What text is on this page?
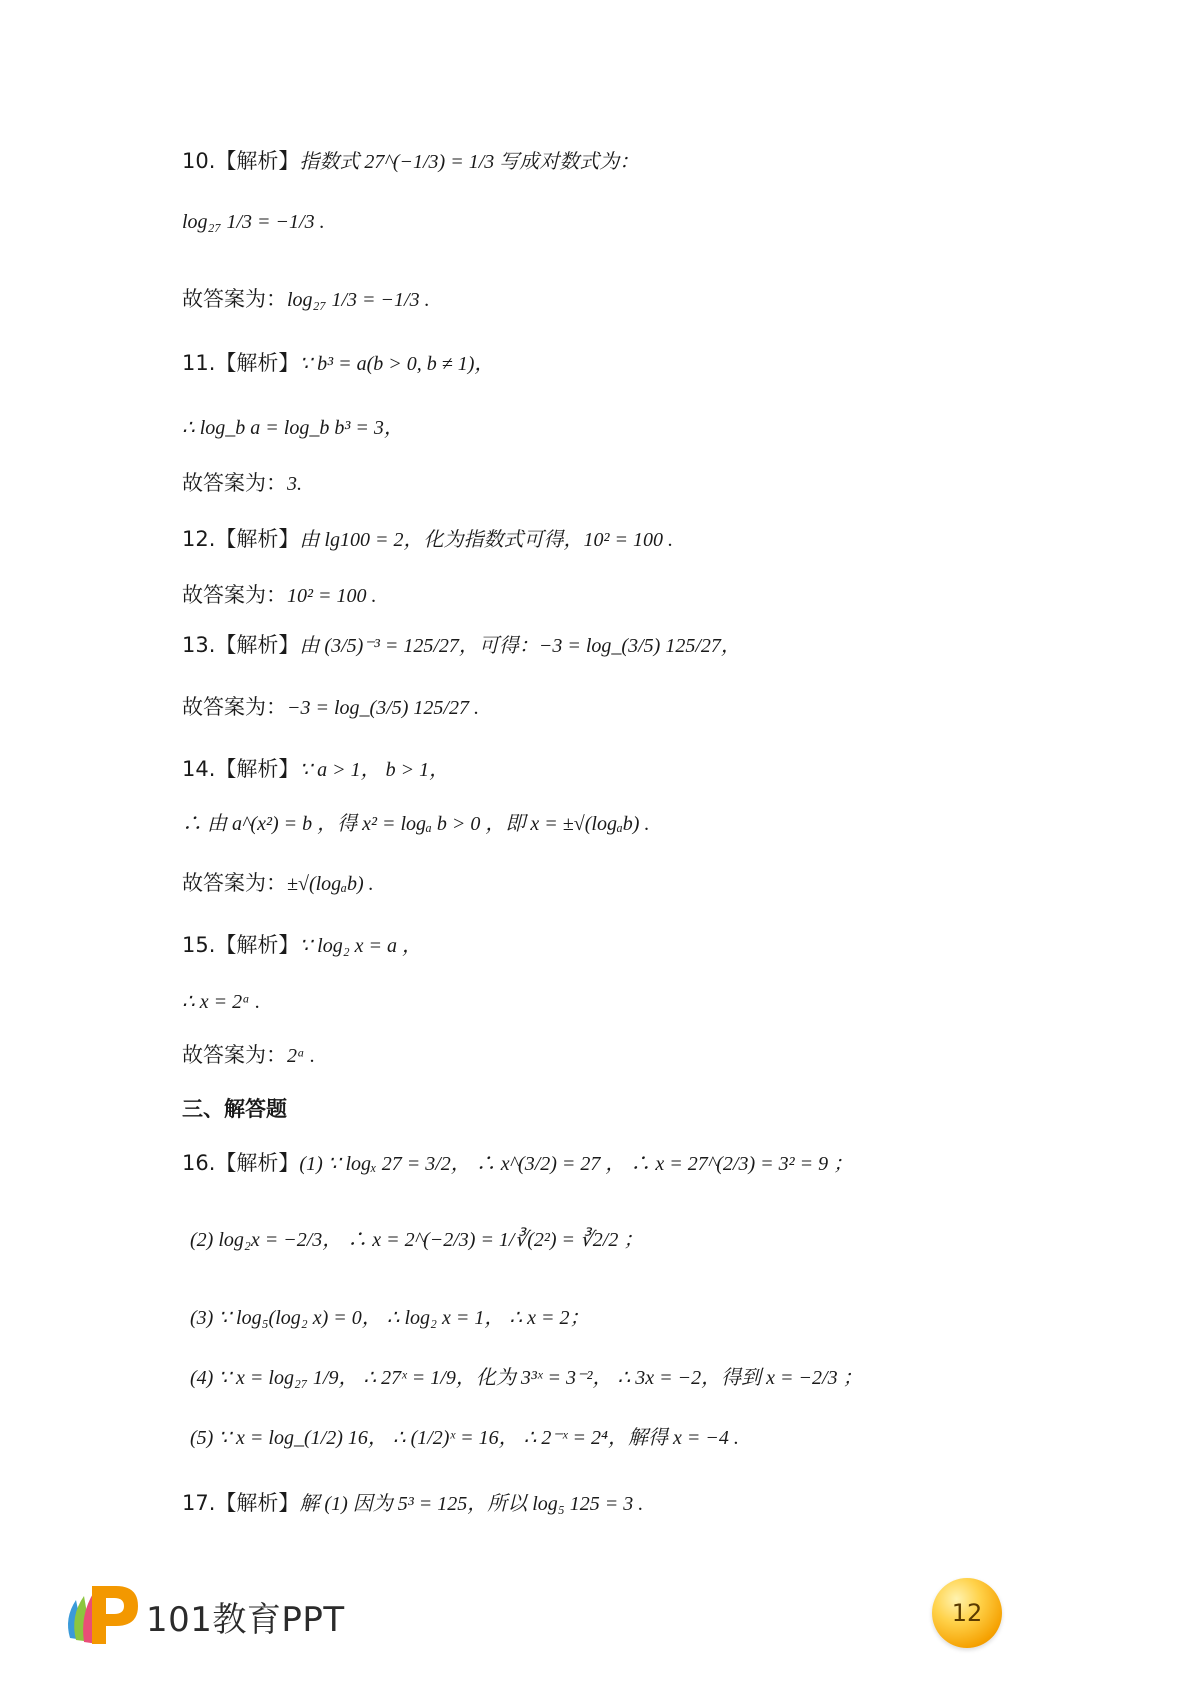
10.【解析】指数式 27^(−1/3) = 1/3 写成对数式为：
log₂₇ 1/3 = −1/3 .
故答案为：log₂₇ 1/3 = −1/3 .
11.【解析】∵ b³ = a(b > 0, b ≠ 1)，
∴ log_b a = log_b b³ = 3，
故答案为：3.
12.【解析】由 lg100 = 2，化为指数式可得，10² = 100 .
故答案为：10² = 100 .
13.【解析】由 (3/5)⁻³ = 125/27，可得：−3 = log_(3/5) 125/27，
故答案为：−3 = log_(3/5) 125/27 .
14.【解析】∵ a > 1， b > 1，
∴ 由 a^(x²) = b ，得 x² = logₐ b > 0 ，即 x = ±√(logₐb) .
故答案为：±√(logₐb) .
15.【解析】∵ log₂ x = a ，
∴ x = 2ᵃ .
故答案为：2ᵃ .
三、解答题
16.【解析】(1) ∵ logₓ 27 = 3/2， ∴ x^(3/2) = 27 ， ∴ x = 27^(2/3) = 3² = 9 ；
(2) log₂x = −2/3， ∴ x = 2^(−2/3) = 1/∛(2²) = ∛2/2 ；
(3) ∵ log₅(log₂ x) = 0， ∴ log₂ x = 1， ∴ x = 2；
(4) ∵ x = log₂₇ 1/9， ∴ 27ˣ = 1/9，化为 3³ˣ = 3⁻²， ∴ 3x = −2，得到 x = −2/3 ；
(5) ∵ x = log_(1/2) 16， ∴ (1/2)ˣ = 16， ∴ 2⁻ˣ = 2⁴，解得 x = −4 .
17.【解析】解 (1) 因为 5³ = 125，所以 log₅ 125 = 3 .
101教育PPT	12
